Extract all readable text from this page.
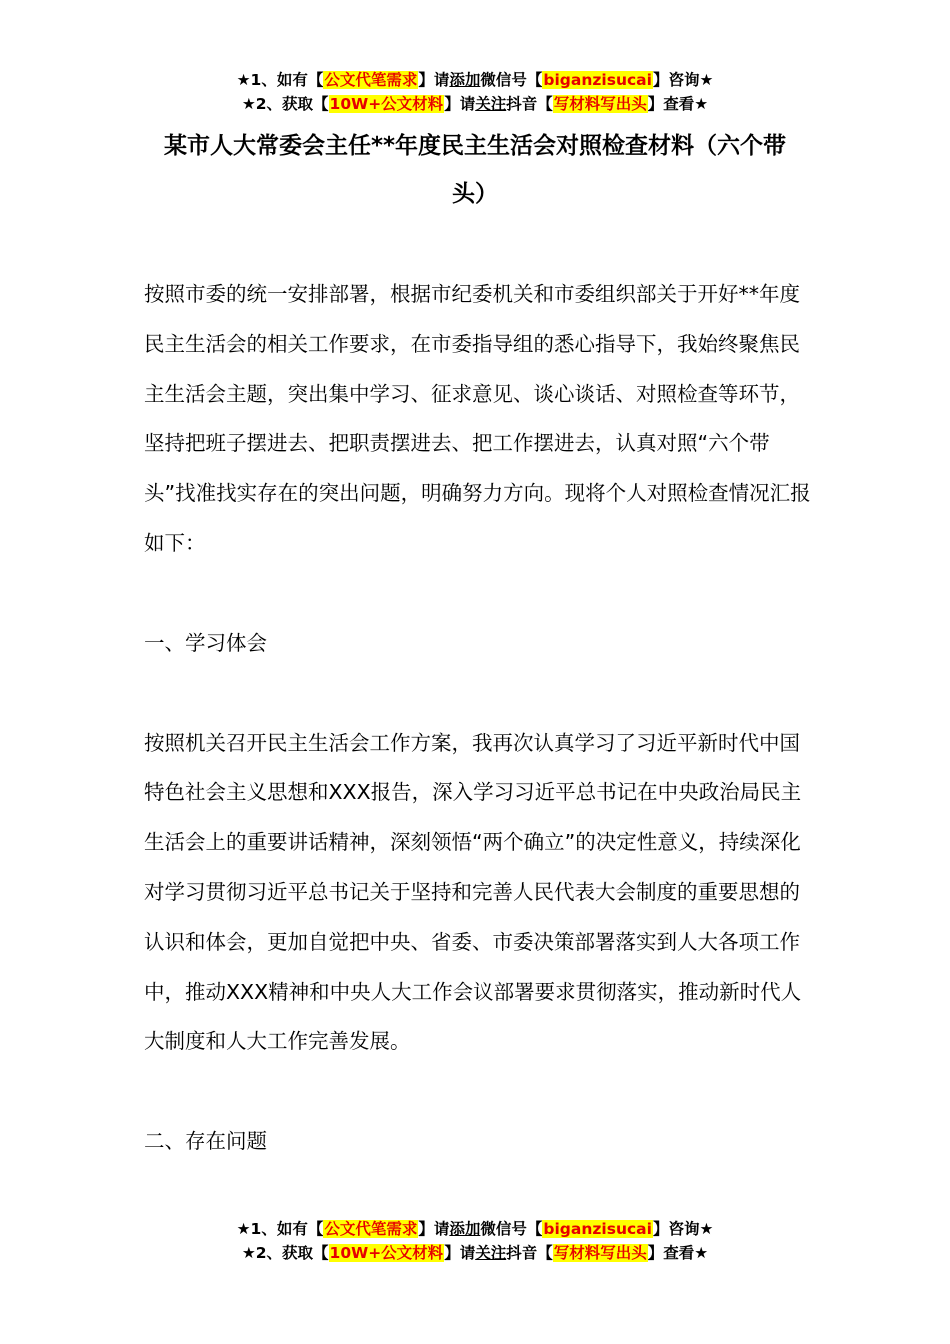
★1、如有【公文代笔需求】请添加微信号【biganzisucai】咨询★
★2、获取【10W+公文材料】请关注抖音【写材料写出头】查看★
某市人大常委会主任**年度民主生活会对照检查材料（六个带头）

按照市委的统一安排部署，根据市纪委机关和市委组织部关于开好**年度民主生活会的相关工作要求，在市委指导组的悉心指导下，我始终聚焦民主生活会主题，突出集中学习、征求意见、谈心谈话、对照检查等环节，坚持把班子摆进去、把职责摆进去、把工作摆进去，认真对照“六个带头”找准找实存在的突出问题，明确努力方向。现将个人对照检查情况汇报如下：

一、学习体会

按照机关召开民主生活会工作方案，我再次认真学习了习近平新时代中国特色社会主义思想和XXX报告，深入学习习近平总书记在中央政治局民主生活会上的重要讲话精神，深刻领悟“两个确立”的决定性意义，持续深化对学习贯彻习近平总书记关于坚持和完善人民代表大会制度的重要思想的认识和体会，更加自觉把中央、省委、市委决策部署落实到人大各项工作中，推动XXX精神和中央人大工作会议部署要求贯彻落实，推动新时代人大制度和人大工作完善发展。

二、存在问题

★1、如有【公文代笔需求】请添加微信号【biganzisucai】咨询★
★2、获取【10W+公文材料】请关注抖音【写材料写出头】查看★
